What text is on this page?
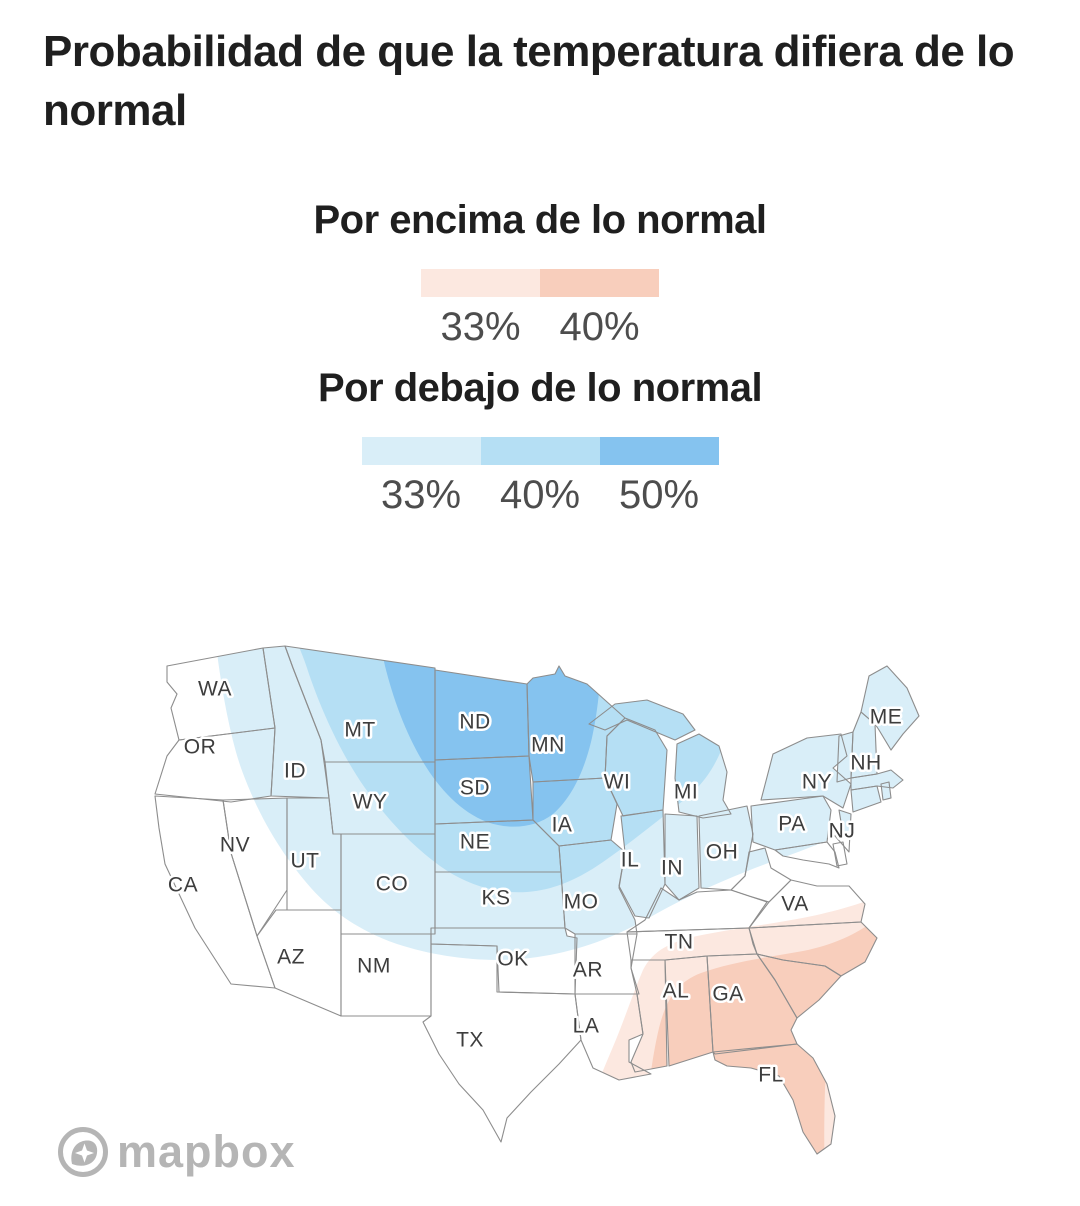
Probabilidad de que la temperatura difiera de lo normal

Por encima de lo normal

33% 40%

Por debajo de lo normal

33% 40% 50%
WA
OR
CA
NV
ID
MT
WY
UT
AZ NM
CO
ND
SD
NE
KS
OK
TX
MN
IA
MO
AR
LA
WI
IL IN
MI
OH
TN
AL GA
FL
VA
PA
NY
NJ
NH
ME
mapbox
